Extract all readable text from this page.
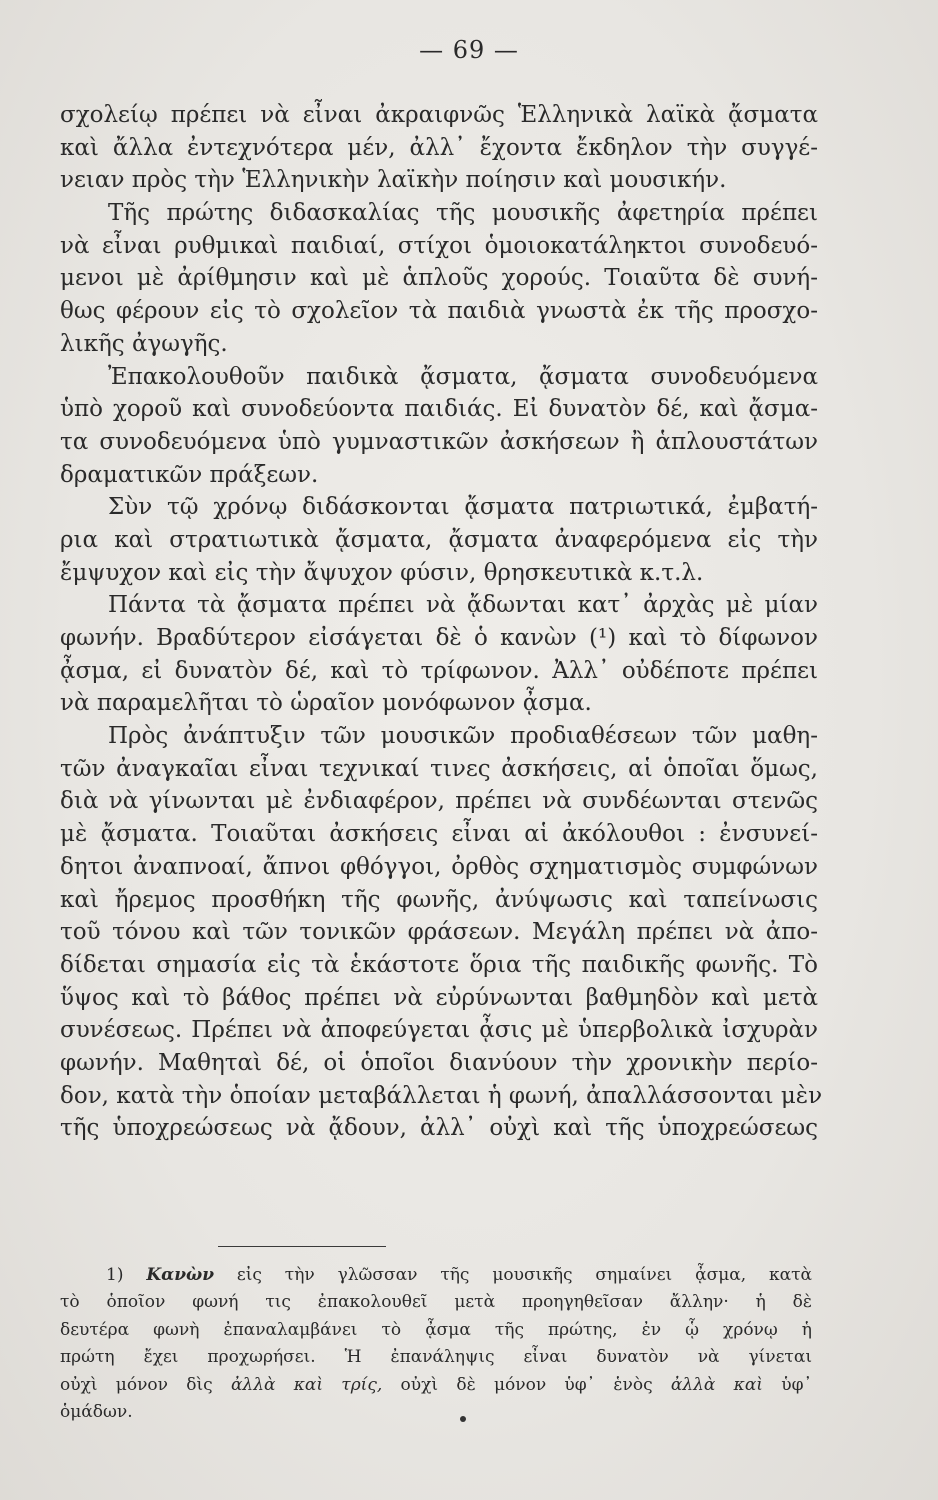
— 69 —
σχολείῳ πρέπει νὰ εἶναι ἀκραιφνῶς Ἑλληνικὰ λαϊκὰ ᾄσματα
καὶ ἄλλα ἐντεχνότερα μέν, ἀλλ᾽ ἔχοντα ἔκδηλον τὴν συγγέ-
νειαν πρὸς τὴν Ἑλληνικὴν λαϊκὴν ποίησιν καὶ μουσικήν.
Τῆς πρώτης διδασκαλίας τῆς μουσικῆς ἀφετηρία πρέπει
νὰ εἶναι ρυθμικαὶ παιδιαί, στίχοι ὁμοιοκατάληκτοι συνοδευό-
μενοι μὲ ἀρίθμησιν καὶ μὲ ἁπλοῦς χορούς. Τοιαῦτα δὲ συνή-
θως φέρουν εἰς τὸ σχολεῖον τὰ παιδιὰ γνωστὰ ἐκ τῆς προσχο-
λικῆς ἀγωγῆς.
Ἐπακολουθοῦν παιδικὰ ᾄσματα, ᾄσματα συνοδευόμενα
ὑπὸ χοροῦ καὶ συνοδεύοντα παιδιάς. Εἰ δυνατὸν δέ, καὶ ᾄσμα-
τα συνοδευόμενα ὑπὸ γυμναστικῶν ἀσκήσεων ἢ ἁπλουστάτων
δραματικῶν πράξεων.
Σὺν τῷ χρόνῳ διδάσκονται ᾄσματα πατριωτικά, ἐμβατή-
ρια καὶ στρατιωτικὰ ᾄσματα, ᾄσματα ἀναφερόμενα εἰς τὴν
ἔμψυχον καὶ εἰς τὴν ἄψυχον φύσιν, θρησκευτικὰ κ.τ.λ.
Πάντα τὰ ᾄσματα πρέπει νὰ ᾄδωνται κατ᾽ ἀρχὰς μὲ μίαν
φωνήν. Βραδύτερον εἰσάγεται δὲ ὁ κανὼν (¹) καὶ τὸ δίφωνον
ᾆσμα, εἰ δυνατὸν δέ, καὶ τὸ τρίφωνον. Ἀλλ᾽ οὐδέποτε πρέπει
νὰ παραμελῆται τὸ ὡραῖον μονόφωνον ᾆσμα.
Πρὸς ἀνάπτυξιν τῶν μουσικῶν προδιαθέσεων τῶν μαθη-
τῶν ἀναγκαῖαι εἶναι τεχνικαί τινες ἀσκήσεις, αἱ ὁποῖαι ὅμως,
διὰ νὰ γίνωνται μὲ ἐνδιαφέρον, πρέπει νὰ συνδέωνται στενῶς
μὲ ᾄσματα. Τοιαῦται ἀσκήσεις εἶναι αἱ ἀκόλουθοι : ἐνσυνεί-
δητοι ἀναπνοαί, ἄπνοι φθόγγοι, ὀρθὸς σχηματισμὸς συμφώνων
καὶ ἤρεμος προσθήκη τῆς φωνῆς, ἀνύψωσις καὶ ταπείνωσις
τοῦ τόνου καὶ τῶν τονικῶν φράσεων. Μεγάλη πρέπει νὰ ἀπο-
δίδεται σημασία εἰς τὰ ἑκάστοτε ὅρια τῆς παιδικῆς φωνῆς. Τὸ
ὕψος καὶ τὸ βάθος πρέπει νὰ εὐρύνωνται βαθμηδὸν καὶ μετὰ
συνέσεως. Πρέπει νὰ ἀποφεύγεται ᾆσις μὲ ὑπερβολικὰ ἰσχυρὰν
φωνήν. Μαθηταὶ δέ, οἱ ὁποῖοι διανύουν τὴν χρονικὴν περίο-
δον, κατὰ τὴν ὁποίαν μεταβάλλεται ἡ φωνή, ἀπαλλάσσονται μὲν
τῆς ὑποχρεώσεως νὰ ᾄδουν, ἀλλ᾽ οὐχὶ καὶ τῆς ὑποχρεώσεως
1) Κανὼν εἰς τὴν γλῶσσαν τῆς μουσικῆς σημαίνει ᾆσμα, κατὰ
τὸ ὁποῖον φωνή τις ἐπακολουθεῖ μετὰ προηγηθεῖσαν ἄλλην· ἡ δὲ
δευτέρα φωνὴ ἐπαναλαμβάνει τὸ ᾆσμα τῆς πρώτης, ἐν ᾧ χρόνῳ ἡ
πρώτη ἔχει προχωρήσει. Ἡ ἐπανάληψις εἶναι δυνατὸν νὰ γίνεται
οὐχὶ μόνον δὶς ἀλλὰ καὶ τρίς, οὐχὶ δὲ μόνον ὑφ᾽ ἑνὸς ἀλλὰ καὶ ὑφ᾽
ὁμάδων.
